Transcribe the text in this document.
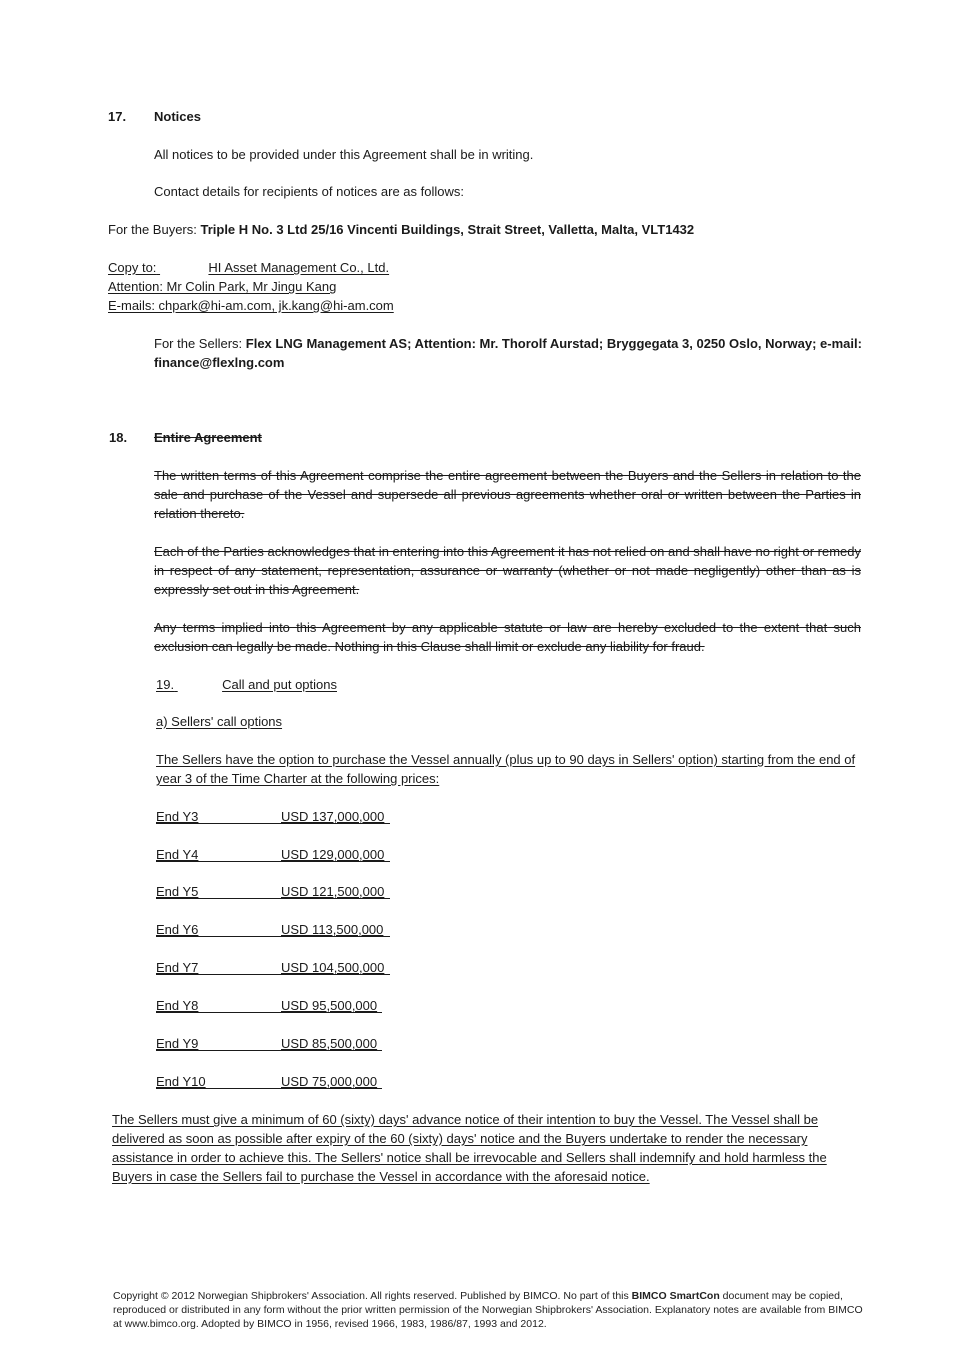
17. Notices
All notices to be provided under this Agreement shall be in writing.
Contact details for recipients of notices are as follows:
For the Buyers: Triple H No. 3 Ltd 25/16 Vincenti Buildings, Strait Street, Valletta, Malta, VLT1432
Copy to:	HI Asset Management Co., Ltd.
Attention: Mr Colin Park, Mr Jingu Kang
E-mails: chpark@hi-am.com, jk.kang@hi-am.com
For the Sellers: Flex LNG Management AS; Attention: Mr. Thorolf Aurstad; Bryggegata 3, 0250 Oslo, Norway; e-mail: finance@flexlng.com
18. Entire Agreement
The written terms of this Agreement comprise the entire agreement between the Buyers and the Sellers in relation to the sale and purchase of the Vessel and supersede all previous agreements whether oral or written between the Parties in relation thereto.
Each of the Parties acknowledges that in entering into this Agreement it has not relied on and shall have no right or remedy in respect of any statement, representation, assurance or warranty (whether or not made negligently) other than as is expressly set out in this Agreement.
Any terms implied into this Agreement by any applicable statute or law are hereby excluded to the extent that such exclusion can legally be made. Nothing in this Clause shall limit or exclude any liability for fraud.
19.	Call and put options
a) Sellers' call options
The Sellers have the option to purchase the Vessel annually (plus up to 90 days in Sellers' option) starting from the end of year 3 of the Time Charter at the following prices:
End Y3	USD 137,000,000
End Y4	USD 129,000,000
End Y5	USD 121,500,000
End Y6	USD 113,500,000
End Y7	USD 104,500,000
End Y8	USD 95,500,000
End Y9	USD 85,500,000
End Y10	USD 75,000,000
The Sellers must give a minimum of 60 (sixty) days' advance notice of their intention to buy the Vessel. The Vessel shall be delivered as soon as possible after expiry of the 60 (sixty) days' notice and the Buyers undertake to render the necessary assistance in order to achieve this. The Sellers' notice shall be irrevocable and Sellers shall indemnify and hold harmless the Buyers in case the Sellers fail to purchase the Vessel in accordance with the aforesaid notice.
Copyright © 2012 Norwegian Shipbrokers' Association. All rights reserved. Published by BIMCO. No part of this BIMCO SmartCon document may be copied, reproduced or distributed in any form without the prior written permission of the Norwegian Shipbrokers' Association. Explanatory notes are available from BIMCO at www.bimco.org. Adopted by BIMCO in 1956, revised 1966, 1983, 1986/87, 1993 and 2012.
